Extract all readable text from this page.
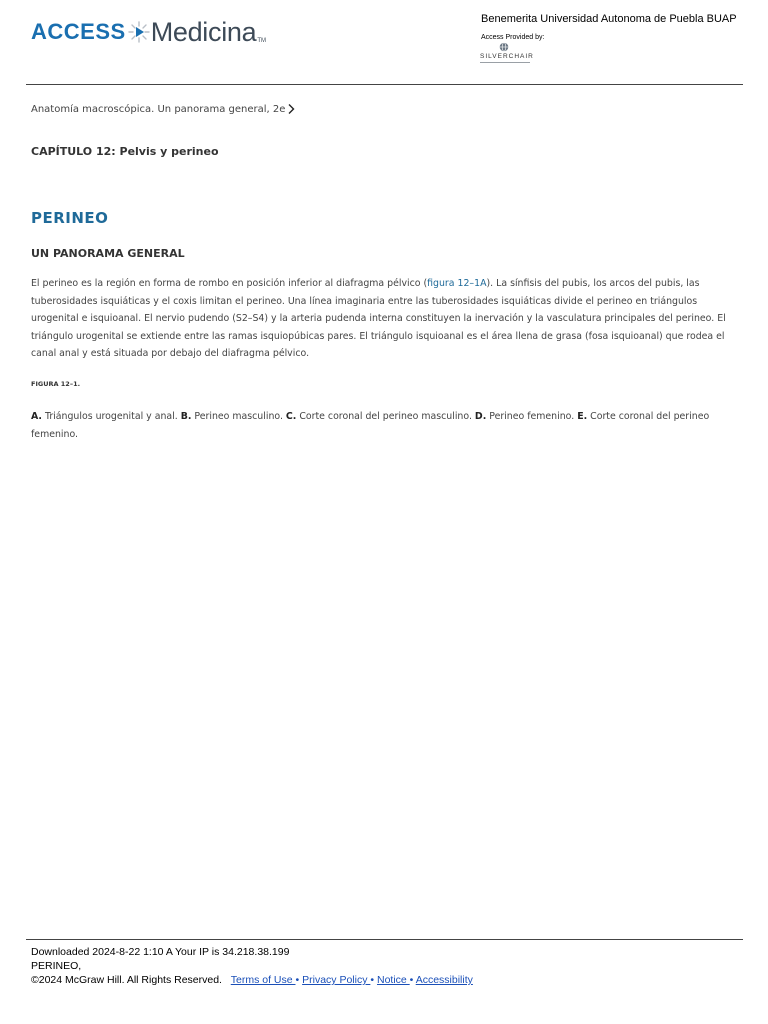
ACCESS Medicina TM
Benemerita Universidad Autonoma de Puebla BUAP
Access Provided by:
SILVERCHAIR
Anatomía macroscópica. Un panorama general, 2e
CAPÍTULO 12: Pelvis y perineo
PERINEO
UN PANORAMA GENERAL
El perineo es la región en forma de rombo en posición inferior al diafragma pélvico (figura 12–1A). La sínfisis del pubis, los arcos del pubis, las tuberosidades isquiáticas y el coxis limitan el perineo. Una línea imaginaria entre las tuberosidades isquiáticas divide el perineo en triángulos urogenital e isquioanal. El nervio pudendo (S2–S4) y la arteria pudenda interna constituyen la inervación y la vasculatura principales del perineo. El triángulo urogenital se extiende entre las ramas isquiopúbicas pares. El triángulo isquioanal es el área llena de grasa (fosa isquioanal) que rodea el canal anal y está situada por debajo del diafragma pélvico.
FIGURA 12–1.
A. Triángulos urogenital y anal. B. Perineo masculino. C. Corte coronal del perineo masculino. D. Perineo femenino. E. Corte coronal del perineo femenino.
Downloaded 2024-8-22 1:10 A Your IP is 34.218.38.199
PERINEO,
©2024 McGraw Hill. All Rights Reserved. Terms of Use • Privacy Policy • Notice • Accessibility
